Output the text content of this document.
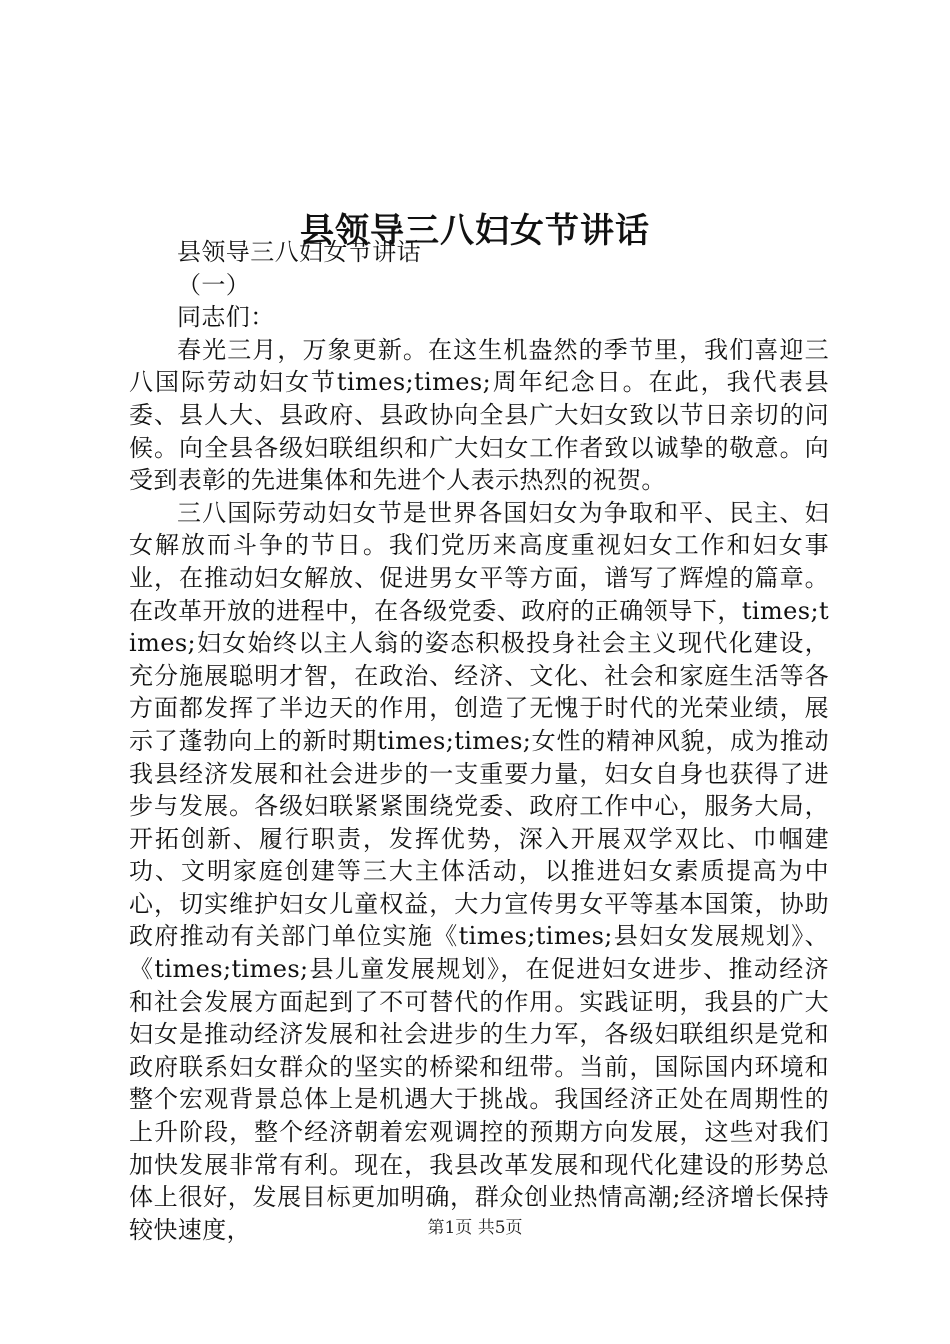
县领导三八妇女节讲话

县领导三八妇女节讲话

（一）

同志们：

春光三月，万象更新。在这生机盎然的季节里，我们喜迎三八国际劳动妇女节times;times;周年纪念日。在此，我代表县委、县人大、县政府、县政协向全县广大妇女致以节日亲切的问候。向全县各级妇联组织和广大妇女工作者致以诚挚的敬意。向受到表彰的先进集体和先进个人表示热烈的祝贺。

三八国际劳动妇女节是世界各国妇女为争取和平、民主、妇女解放而斗争的节日。我们党历来高度重视妇女工作和妇女事业，在推动妇女解放、促进男女平等方面，谱写了辉煌的篇章。在改革开放的进程中，在各级党委、政府的正确领导下，times;times;妇女始终以主人翁的姿态积极投身社会主义现代化建设，充分施展聪明才智，在政治、经济、文化、社会和家庭生活等各方面都发挥了半边天的作用，创造了无愧于时代的光荣业绩，展示了蓬勃向上的新时期times;times;女性的精神风貌，成为推动我县经济发展和社会进步的一支重要力量，妇女自身也获得了进步与发展。各级妇联紧紧围绕党委、政府工作中心，服务大局，开拓创新、履行职责，发挥优势，深入开展双学双比、巾帼建功、文明家庭创建等三大主体活动，以推进妇女素质提高为中心，切实维护妇女儿童权益，大力宣传男女平等基本国策，协助政府推动有关部门单位实施《times;times;县妇女发展规划》、《times;times;县儿童发展规划》，在促进妇女进步、推动经济和社会发展方面起到了不可替代的作用。实践证明，我县的广大妇女是推动经济发展和社会进步的生力军，各级妇联组织是党和政府联系妇女群众的坚实的桥梁和纽带。当前，国际国内环境和整个宏观背景总体上是机遇大于挑战。我国经济正处在周期性的上升阶段，整个经济朝着宏观调控的预期方向发展，这些对我们加快发展非常有利。现在，我县改革发展和现代化建设的形势总体上很好，发展目标更加明确，群众创业热情高潮;经济增长保持较快速度，	第1页 共5页
